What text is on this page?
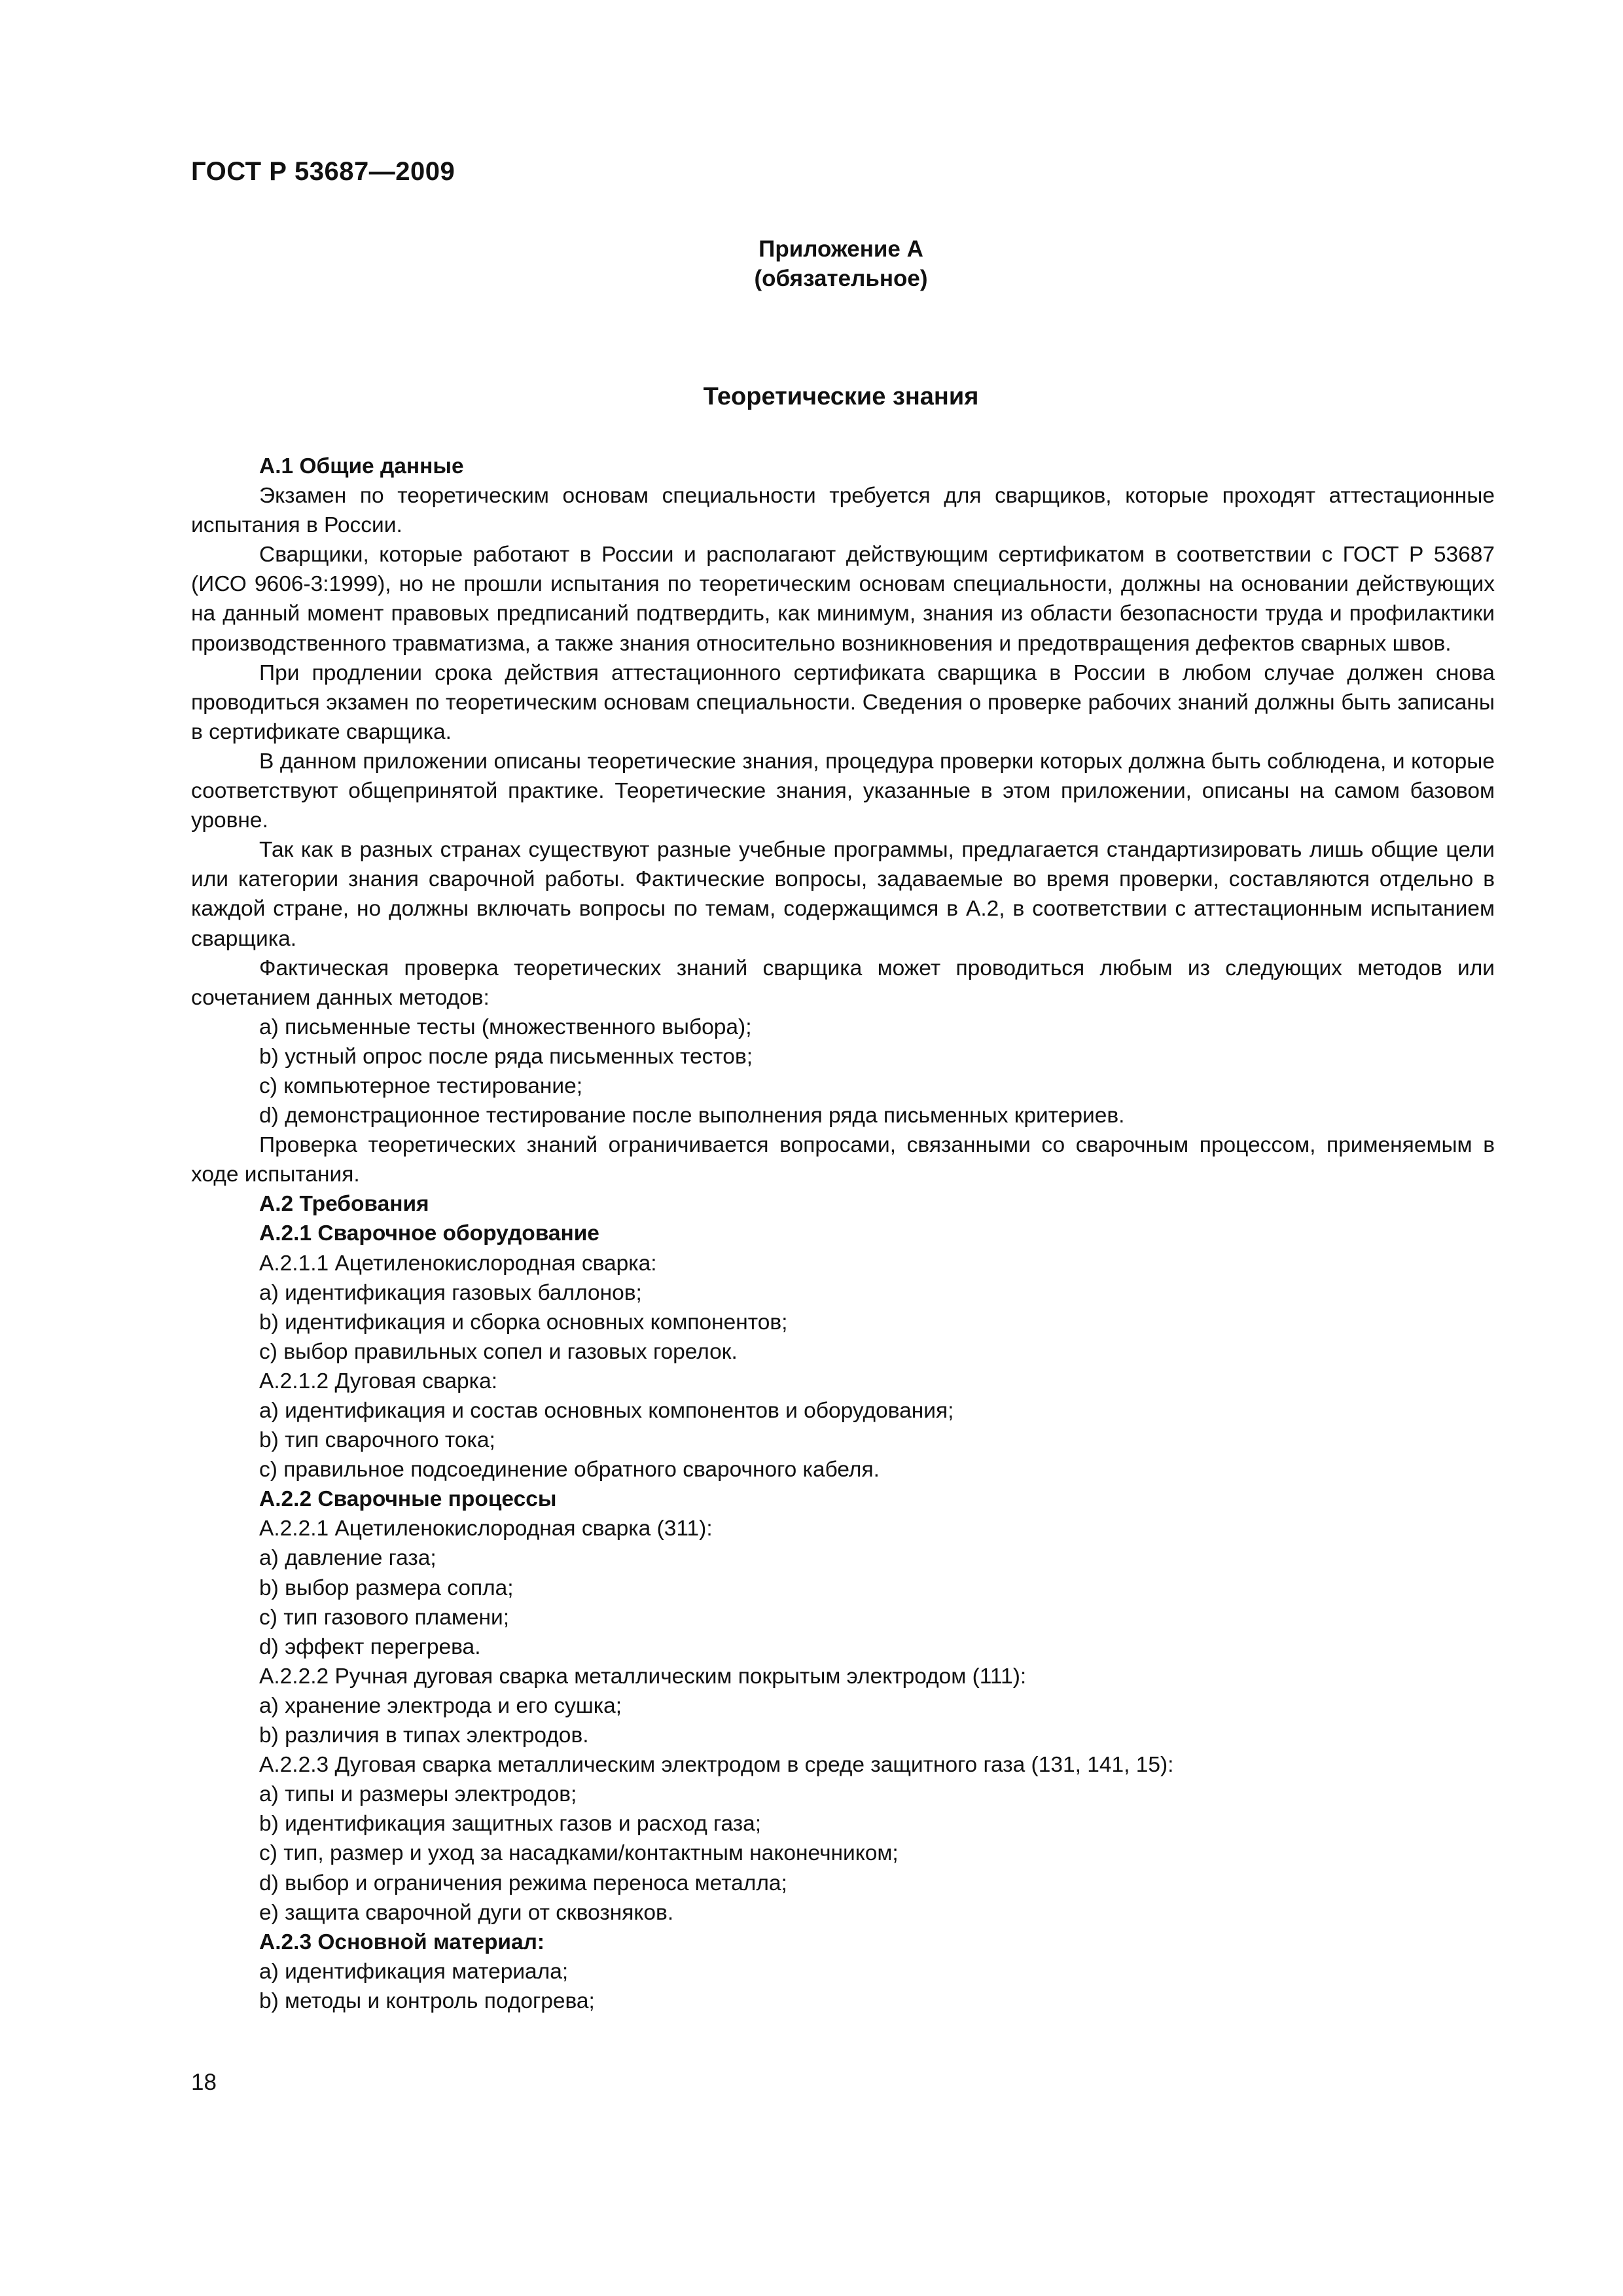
ГОСТ Р 53687—2009
Приложение А
(обязательное)
Теоретические знания

А.1 Общие данные

Экзамен по теоретическим основам специальности требуется для сварщиков, которые проходят аттестационные испытания в России.

Сварщики, которые работают в России и располагают действующим сертификатом в соответствии с ГОСТ Р 53687 (ИСО 9606-3:1999), но не прошли испытания по теоретическим основам специальности, должны на основании действующих на данный момент правовых предписаний подтвердить, как минимум, знания из области безопасности труда и профилактики производственного травматизма, а также знания относительно возникновения и предотвращения дефектов сварных швов.

При продлении срока действия аттестационного сертификата сварщика в России в любом случае должен снова проводиться экзамен по теоретическим основам специальности. Сведения о проверке рабочих знаний должны быть записаны в сертификате сварщика.

В данном приложении описаны теоретические знания, процедура проверки которых должна быть соблюдена, и которые соответствуют общепринятой практике. Теоретические знания, указанные в этом приложении, описаны на самом базовом уровне.

Так как в разных странах существуют разные учебные программы, предлагается стандартизировать лишь общие цели или категории знания сварочной работы. Фактические вопросы, задаваемые во время проверки, составляются отдельно в каждой стране, но должны включать вопросы по темам, содержащимся в А.2, в соответствии с аттестационным испытанием сварщика.

Фактическая проверка теоретических знаний сварщика может проводиться любым из следующих методов или сочетанием данных методов:

a) письменные тесты (множественного выбора);

b) устный опрос после ряда письменных тестов;

c) компьютерное тестирование;

d) демонстрационное тестирование после выполнения ряда письменных критериев.

Проверка теоретических знаний ограничивается вопросами, связанными со сварочным процессом, применяемым в ходе испытания.

А.2 Требования

А.2.1 Сварочное оборудование

А.2.1.1 Ацетиленокислородная сварка:

a) идентификация газовых баллонов;

b) идентификация и сборка основных компонентов;

c) выбор правильных сопел и газовых горелок.

А.2.1.2 Дуговая сварка:

a) идентификация и состав основных компонентов и оборудования;

b) тип сварочного тока;

c) правильное подсоединение обратного сварочного кабеля.

А.2.2 Сварочные процессы

А.2.2.1 Ацетиленокислородная сварка (311):

a) давление газа;

b) выбор размера сопла;

c) тип газового пламени;

d) эффект перегрева.

А.2.2.2 Ручная дуговая сварка металлическим покрытым электродом (111):

a) хранение электрода и его сушка;

b) различия в типах электродов.

А.2.2.3 Дуговая сварка металлическим электродом в среде защитного газа (131, 141, 15):

a) типы и размеры электродов;

b) идентификация защитных газов и расход газа;

c) тип, размер и уход за насадками/контактным наконечником;

d) выбор и ограничения режима переноса металла;

e) защита сварочной дуги от сквозняков.

А.2.3 Основной материал:

a) идентификация материала;

b) методы и контроль подогрева;

18
